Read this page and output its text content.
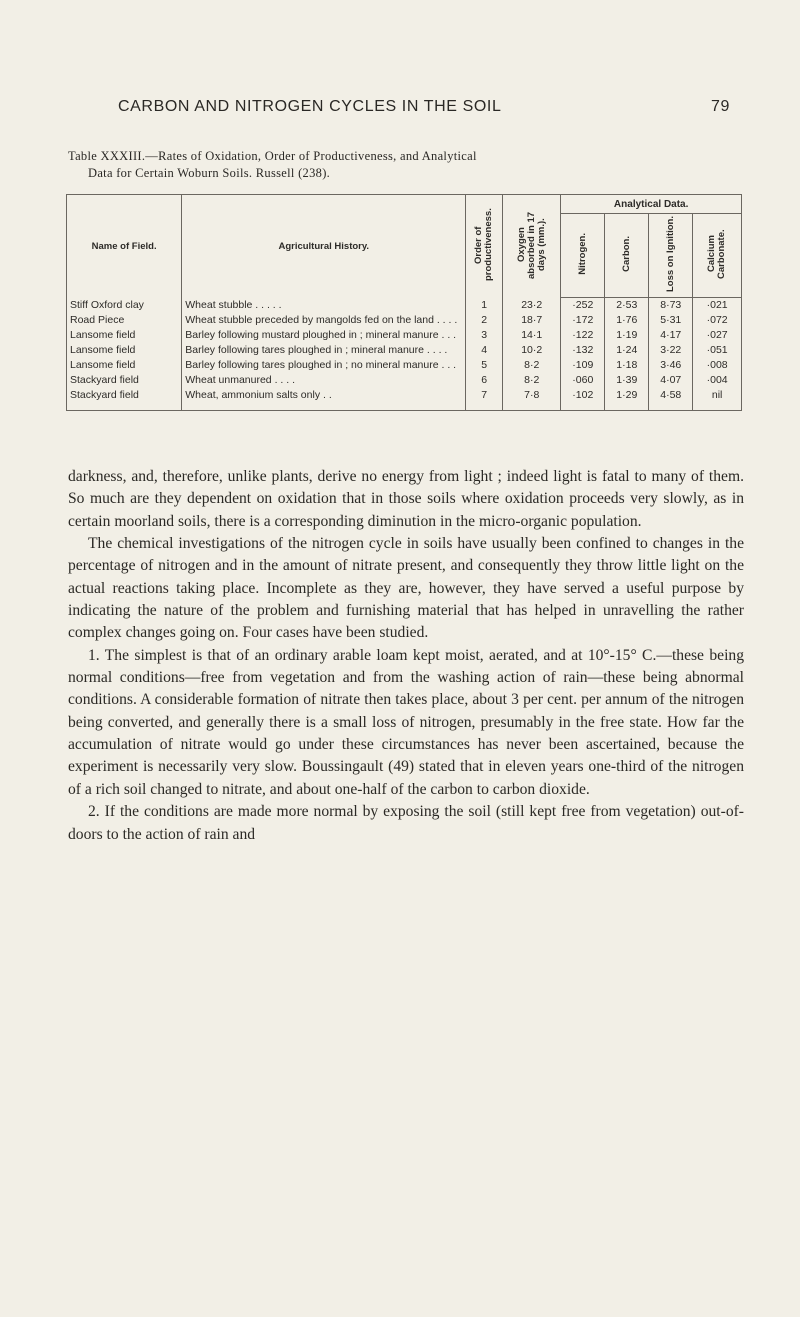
CARBON AND NITROGEN CYCLES IN THE SOIL	79
Table XXXIII.—Rates of Oxidation, Order of Productiveness, and Analytical
Data for Certain Woburn Soils. Russell (238).
Name of Field.	Agricultural History.	Order of productiveness.	Oxygen absorbed in 17 days (mm.).	Analytical Data.			
				Nitrogen.	Carbon.	Loss on Ignition.	Calcium Carbonate.
Stiff Oxford clay	Wheat stubble . . . . .	1	23·2	·252	2·53	8·73	·021
Road Piece	Wheat stubble preceded by mangolds fed on the land . . . .	2	18·7	·172	1·76	5·31	·072
Lansome field	Barley following mustard ploughed in ; mineral manure . . .	3	14·1	·122	1·19	4·17	·027
Lansome field	Barley following tares ploughed in ; mineral manure . . . .	4	10·2	·132	1·24	3·22	·051
Lansome field	Barley following tares ploughed in ; no mineral manure . . .	5	8·2	·109	1·18	3·46	·008
Stackyard field	Wheat unmanured . . . .	6	8·2	·060	1·39	4·07	·004
Stackyard field	Wheat, ammonium salts only . .	7	7·8	·102	1·29	4·58	nil

darkness, and, therefore, unlike plants, derive no energy from light ; indeed light is fatal to many of them. So much are they dependent on oxidation that in those soils where oxidation proceeds very slowly, as in certain moorland soils, there is a corresponding diminution in the micro-organic population.

The chemical investigations of the nitrogen cycle in soils have usually been confined to changes in the percentage of nitrogen and in the amount of nitrate present, and consequently they throw little light on the actual reactions taking place. Incomplete as they are, however, they have served a useful purpose by indicating the nature of the problem and furnishing material that has helped in unravelling the rather complex changes going on. Four cases have been studied.

1. The simplest is that of an ordinary arable loam kept moist, aerated, and at 10°-15° C.—these being normal conditions—free from vegetation and from the washing action of rain—these being abnormal conditions. A considerable formation of nitrate then takes place, about 3 per cent. per annum of the nitrogen being converted, and generally there is a small loss of nitrogen, presumably in the free state. How far the accumulation of nitrate would go under these circumstances has never been ascertained, because the experiment is necessarily very slow. Boussingault (49) stated that in eleven years one-third of the nitrogen of a rich soil changed to nitrate, and about one-half of the carbon to carbon dioxide.

2. If the conditions are made more normal by exposing the soil (still kept free from vegetation) out-of-doors to the action of rain and
